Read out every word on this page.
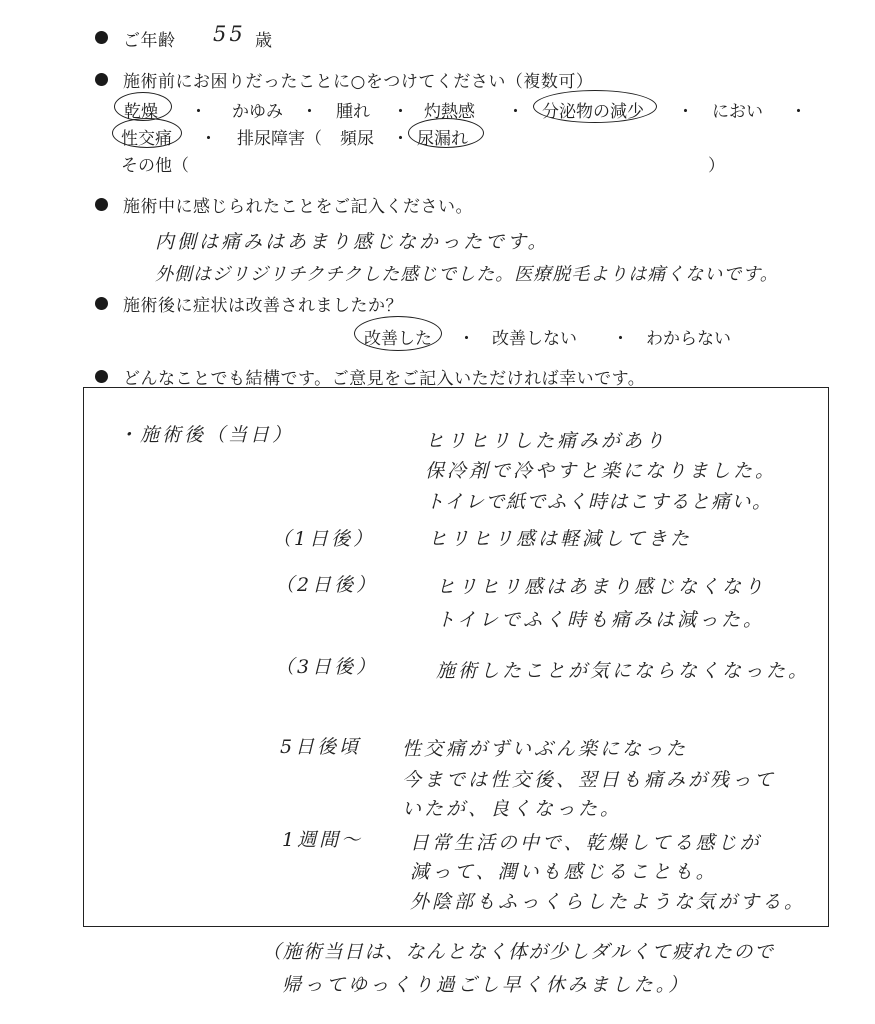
ご年齢 55 歳
施術前にお困りだったことに○をつけてください（複数可）
乾燥 ・ かゆみ ・ 腫れ ・ 灼熱感 ・ 分泌物の減少 ・ におい ・
性交痛 ・ 排尿障害（ 頻尿 ・ 尿漏れ
その他（	）
施術中に感じられたことをご記入ください。
内側は痛みはあまり感じなかったです。
外側はジリジリチクチクした感じでした。医療脱毛よりは痛くないです。
施術後に症状は改善されましたか？
改善した ・ 改善しない ・ わからない
どんなことでも結構です。ご意見をご記入いただければ幸いです。
・施術後（当日）	ヒリヒリした痛みがあり
保冷剤で冷やすと楽になりました。
トイレで紙でふく時はこすると痛い。
（1日後）	ヒリヒリ感は軽減してきた
（2日後）	ヒリヒリ感はあまり感じなくなり
トイレでふく時も痛みは減った。
（3日後）	施術したことが気にならなくなった。
5日後頃 性交痛がずいぶん楽になった
今までは性交後、翌日も痛みが残って
いたが、良くなった。
1週間～ 日常生活の中で、乾燥してる感じが
減って、潤いも感じることも。
外陰部もふっくらしたような気がする。
（施術当日は、なんとなく体が少しダルくて疲れたので
帰ってゆっくり過ごし早く休みました。）
